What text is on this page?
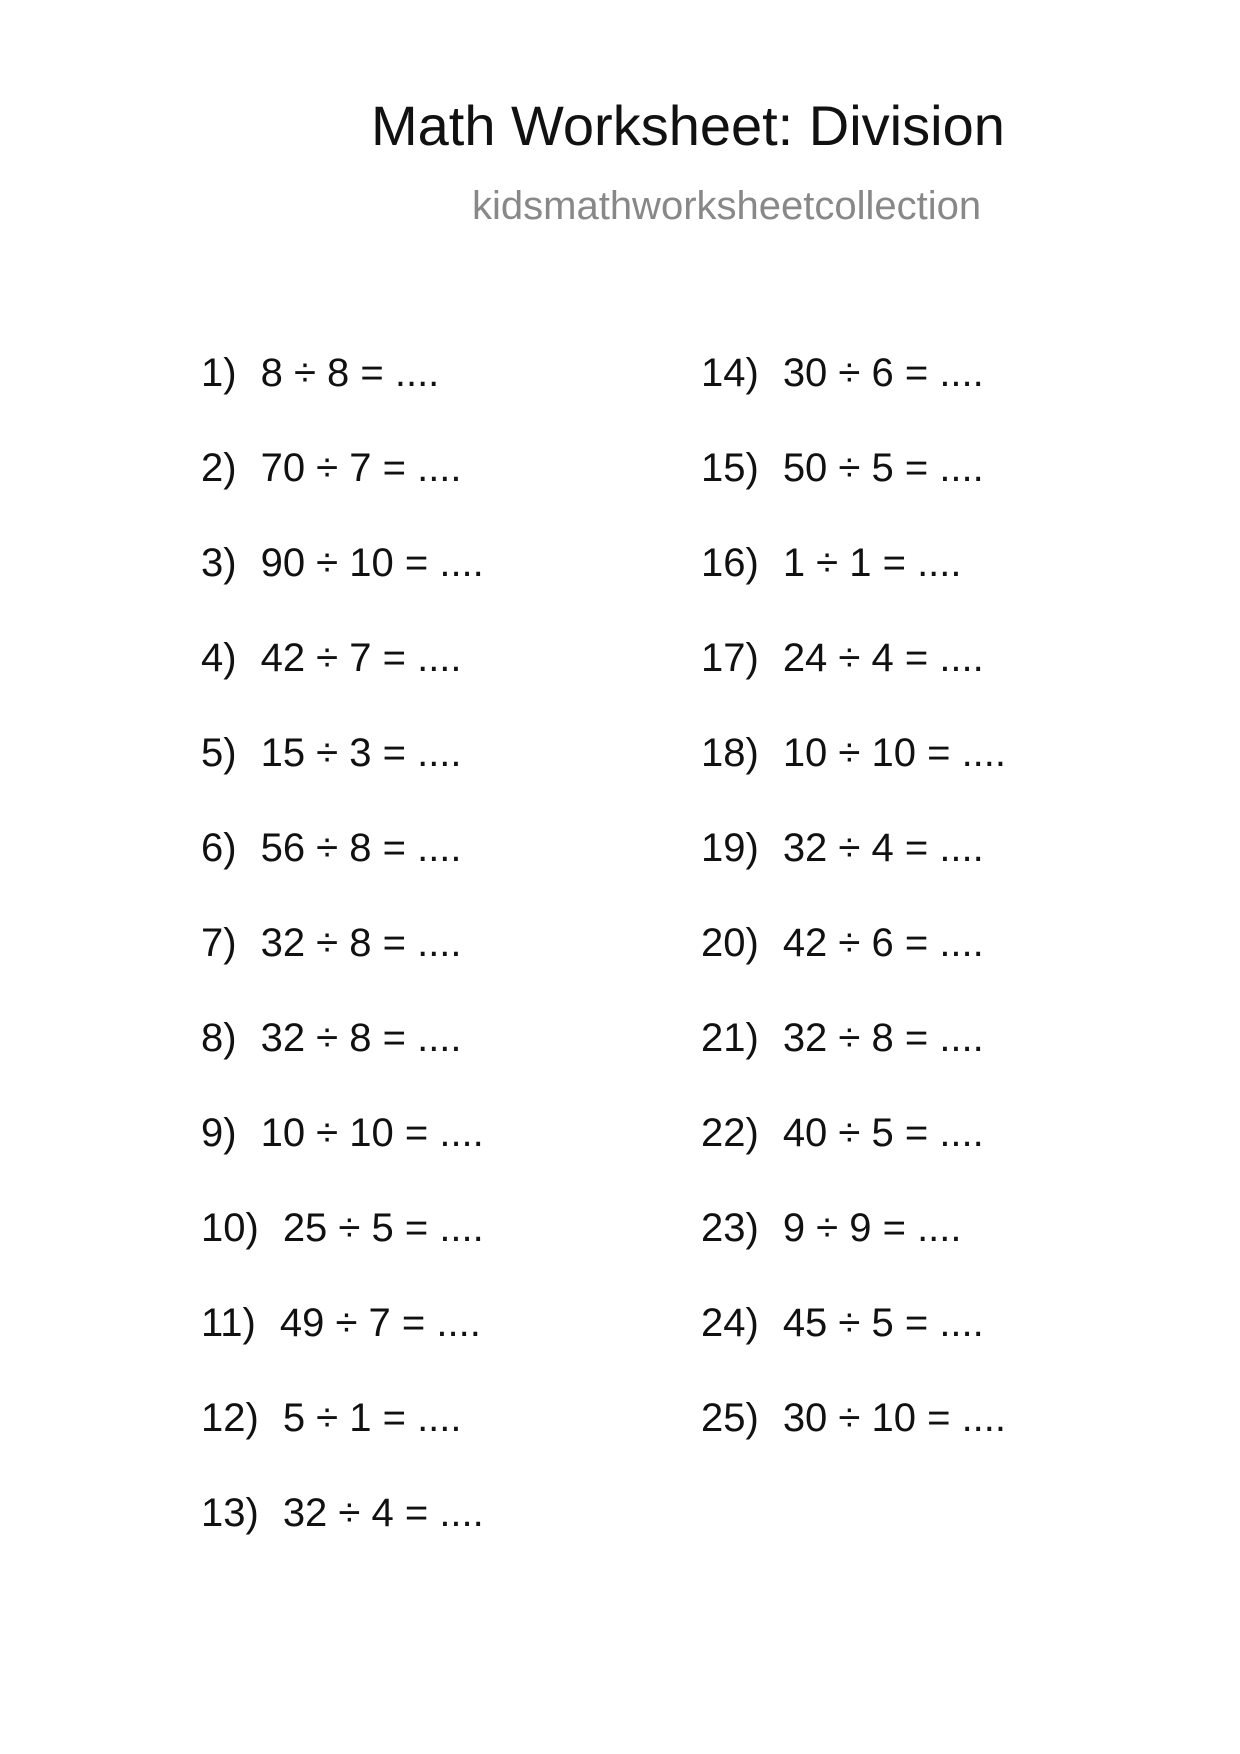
Math Worksheet: Division
kidsmathworksheetcollection
1) 8 ÷ 8 = ....
2) 70 ÷ 7 = ....
3) 90 ÷ 10 = ....
4) 42 ÷ 7 = ....
5) 15 ÷ 3 = ....
6) 56 ÷ 8 = ....
7) 32 ÷ 8 = ....
8) 32 ÷ 8 = ....
9) 10 ÷ 10 = ....
10) 25 ÷ 5 = ....
11) 49 ÷ 7 = ....
12) 5 ÷ 1 = ....
13) 32 ÷ 4 = ....
14) 30 ÷ 6 = ....
15) 50 ÷ 5 = ....
16) 1 ÷ 1 = ....
17) 24 ÷ 4 = ....
18) 10 ÷ 10 = ....
19) 32 ÷ 4 = ....
20) 42 ÷ 6 = ....
21) 32 ÷ 8 = ....
22) 40 ÷ 5 = ....
23) 9 ÷ 9 = ....
24) 45 ÷ 5 = ....
25) 30 ÷ 10 = ....
